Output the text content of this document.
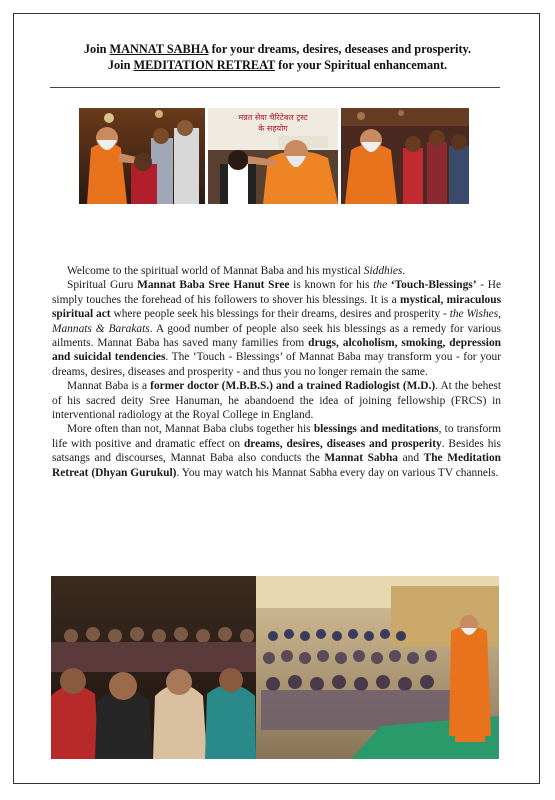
Join MANNAT SABHA for your dreams, desires, deseases and prosperity.
Join MEDITATION RETREAT for your Spiritual enhancemant.
मन्नत सेवा चैरिटेबल ट्रस्ट
के सहयोग

Welcome to the spiritual world of Mannat Baba and his mystical Siddhies.

Spiritual Guru Mannat Baba Sree Hanut Sree is known for his the ‘Touch-Blessings’ - He simply touches the forehead of his followers to shover his blessings. It is a mystical, miraculous spiritual act where people seek his blessings for their dreams, desires and prosperity - the Wishes, Mannats & Barakats. A good number of people also seek his blessings as a remedy for various ailments. Mannat Baba has saved many families from drugs, alcoholism, smoking, depression and suicidal tendencies. The ‘Touch - Blessings’ of Mannat Baba may transform you - for your dreams, desires, diseases and prosperity - and thus you no longer remain the same.

Mannat Baba is a former doctor (M.B.B.S.) and a trained Radiologist (M.D.). At the behest of his sacred deity Sree Hanuman, he abandoend the idea of joining fellowship (FRCS) in interventional radiology at the Royal College in England.

More often than not, Mannat Baba clubs together his blessings and meditations, to transform life with positive and dramatic effect on dreams, desires, diseases and prosperity. Besides his satsangs and discourses, Mannat Baba also conducts the Mannat Sabha and The Meditation Retreat (Dhyan Gurukul). You may watch his Mannat Sabha every day on various TV channels.
